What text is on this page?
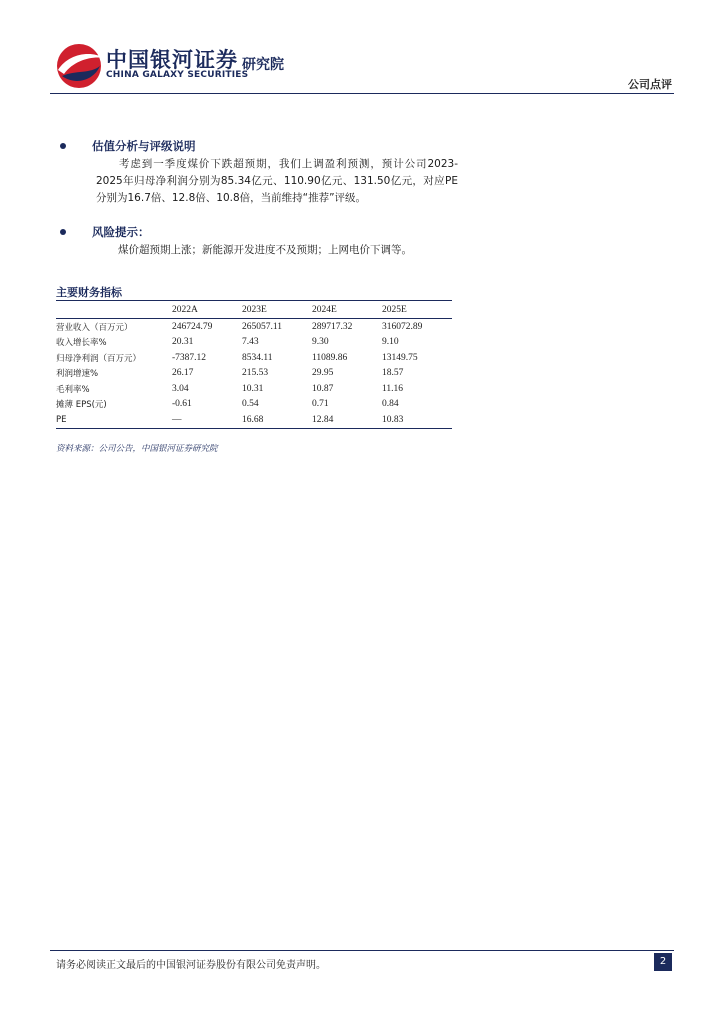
中国银河证券
CHINA GALAXY SECURITIES
研究院
公司点评
估值分析与评级说明
考虑到一季度煤价下跌超预期，我们上调盈利预测，预计公司2023-2025年归母净利润分别为85.34亿元、110.90亿元、131.50亿元，对应PE分别为16.7倍、12.8倍、10.8倍，当前维持“推荐”评级。
风险提示：
煤价超预期上涨；新能源开发进度不及预期；上网电价下调等。
主要财务指标
	2022A	2023E	2024E	2025E
营业收入（百万元）	246724.79	265057.11	289717.32	316072.89
收入增长率%	20.31	7.43	9.30	9.10
归母净利润（百万元）	-7387.12	8534.11	11089.86	13149.75
利润增速%	26.17	215.53	29.95	18.57
毛利率%	3.04	10.31	10.87	11.16
摊薄 EPS(元)	-0.61	0.54	0.71	0.84
PE	—	16.68	12.84	10.83
资料来源：公司公告，中国银河证券研究院
请务必阅读正文最后的中国银河证券股份有限公司免责声明。	2
